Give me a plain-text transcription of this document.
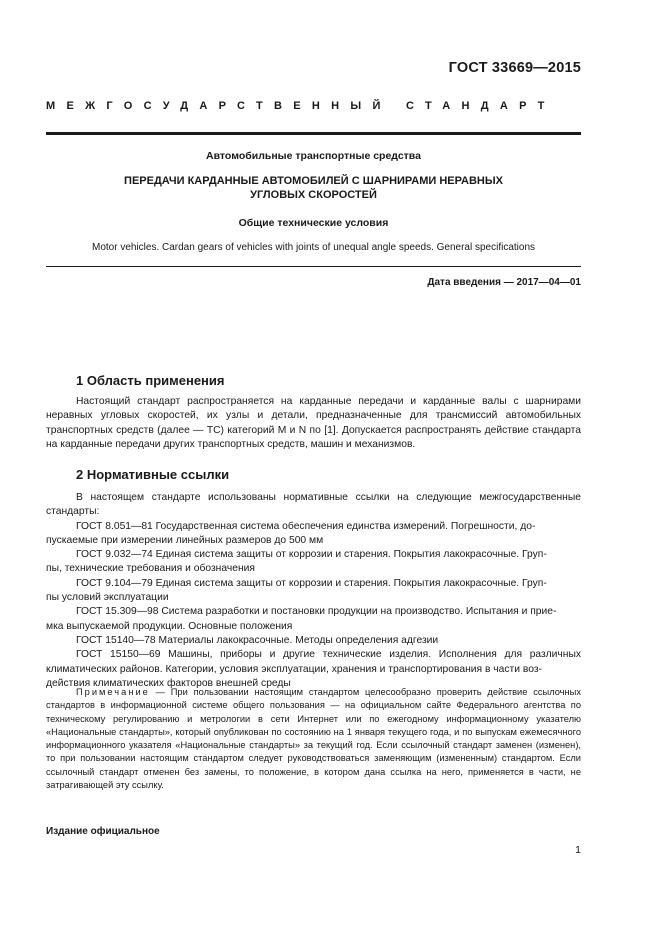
ГОСТ 33669—2015
МЕЖГОСУДАРСТВЕННЫЙ СТАНДАРТ
Автомобильные транспортные средства
ПЕРЕДАЧИ КАРДАННЫЕ АВТОМОБИЛЕЙ С ШАРНИРАМИ НЕРАВНЫХ
УГЛОВЫХ СКОРОСТЕЙ
Общие технические условия
Motor vehicles. Cardan gears of vehicles with joints of unequal angle speeds. General specifications
Дата введения — 2017—04—01
1 Область применения

Настоящий стандарт распространяется на карданные передачи и карданные валы с шарнирами неравных угловых скоростей, их узлы и детали, предназначенные для трансмиссий автомобильных транспортных средств (далее — ТС) категорий M и N по [1]. Допускается распространять действие стандарта на карданные передачи других транспортных средств, машин и механизмов.

2 Нормативные ссылки

В настоящем стандарте использованы нормативные ссылки на следующие межгосударственные стандарты:

ГОСТ 8.051—81 Государственная система обеспечения единства измерений. Погрешности, до-

пускаемые при измерении линейных размеров до 500 мм

ГОСТ 9.032—74 Единая система защиты от коррозии и старения. Покрытия лакокрасочные. Груп-

пы, технические требования и обозначения

ГОСТ 9.104—79 Единая система защиты от коррозии и старения. Покрытия лакокрасочные. Груп-

пы условий эксплуатации

ГОСТ 15.309—98 Система разработки и постановки продукции на производство. Испытания и прие-

мка выпускаемой продукции. Основные положения

ГОСТ 15140—78 Материалы лакокрасочные. Методы определения адгезии

ГОСТ 15150—69 Машины, приборы и другие технические изделия. Исполнения для различных климатических районов. Категории, условия эксплуатации, хранения и транспортирования в части воз-

действия климатических факторов внешней среды

Примечание — При пользовании настоящим стандартом целесообразно проверить действие ссылочных стандартов в информационной системе общего пользования — на официальном сайте Федерального агентства по техническому регулированию и метрологии в сети Интернет или по ежегодному информационному указателю «Национальные стандарты», который опубликован по состоянию на 1 января текущего года, и по выпускам ежемесячного информационного указателя «Национальные стандарты» за текущий год. Если ссылочный стандарт заменен (изменен), то при пользовании настоящим стандартом следует руководствоваться заменяющим (измененным) стандартом. Если ссылочный стандарт отменен без замены, то положение, в котором дана ссылка на него, применяется в части, не затрагивающей эту ссылку.
Издание официальное
1
